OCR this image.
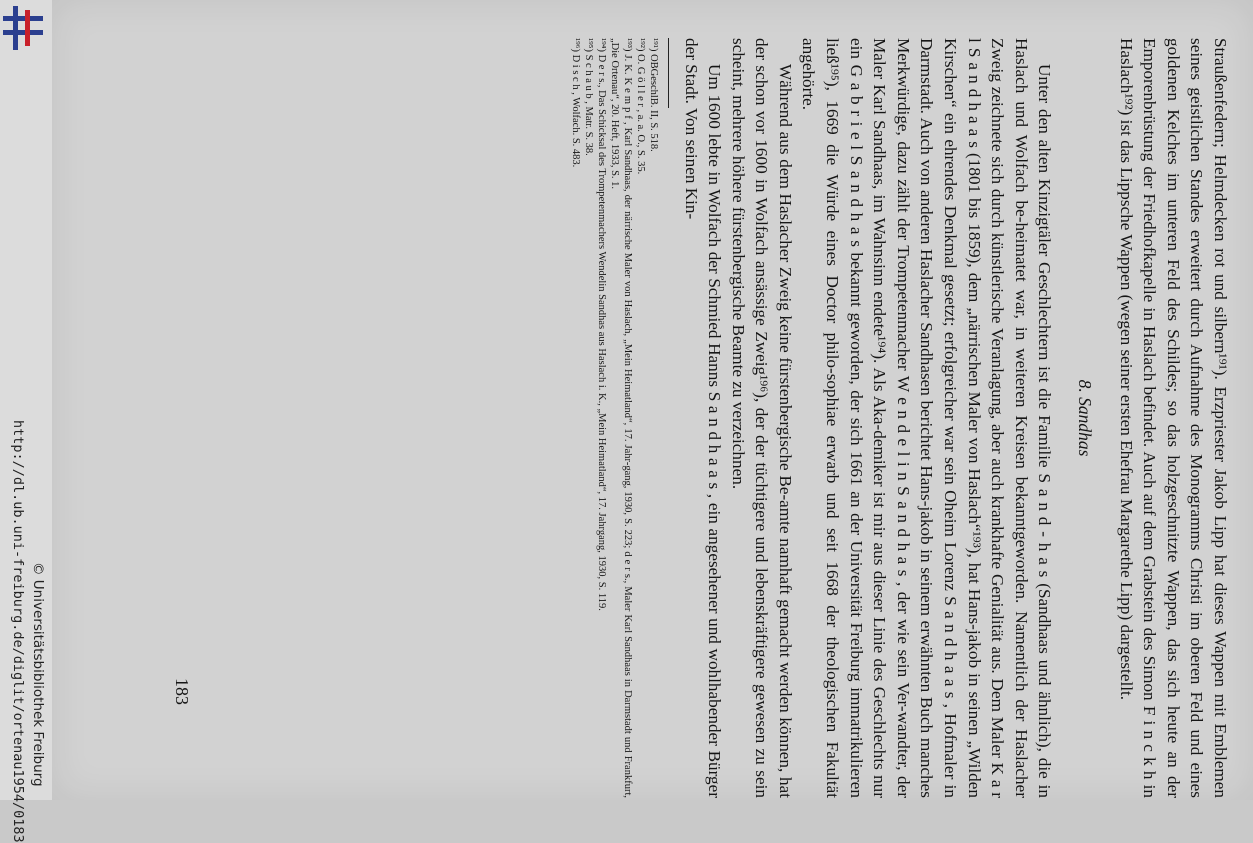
http://dl.ub.uni-freiburg.de/diglit/ortenau1954/0183 © Universitätsbibliothek Freiburg	Straußenfedern; Helmdecken rot und silbern¹⁹¹). Erzpriester Jakob Lipp hat dieses Wappen mit Emblemen seines geistlichen Standes erweitert durch Aufnahme des Monogramms Christi im oberen Feld und eines goldenen Kelches im unteren Feld des Schildes; so das holzgeschnitzte Wappen, das sich heute an der Emporenbrüstung der Friedhofkapelle in Haslach befindet. Auch auf dem Grabstein des Simon F i n c k h in Haslach¹⁹²) ist das Lippsche Wappen (wegen seiner ersten Ehefrau Margarethe Lipp) dargestellt.

8. Sandhas

Unter den alten Kinzigtäler Geschlechtern ist die Familie S a n d - h a s (Sandhaas und ähnlich), die in Haslach und Wolfach be-heimatet war, in weiteren Kreisen bekanntgeworden. Namentlich der Haslacher Zweig zeichnete sich durch künstlerische Veranlagung, aber auch krankhafte Genialität aus. Dem Maler K a r l S a n d h a a s (1801 bis 1859), dem „närrischen Maler von Haslach“¹⁹³), hat Hans-jakob in seinen „Wilden Kirschen“ ein ehrendes Denkmal gesetzt; erfolgreicher war sein Oheim Lorenz S a n d h a a s , Hofmaler in Darmstadt. Auch von anderen Haslacher Sandhasen berichtet Hans-jakob in seinem erwähnten Buch manches Merkwürdige, dazu zählt der Trompetenmacher W e n d e l i n S a n d h a s , der wie sein Ver-wandter, der Maler Karl Sandhaas, im Wahnsinn endete¹⁹⁴). Als Aka-demiker ist mir aus dieser Linie des Geschlechts nur ein G a b r i e l S a n d h a s bekannt geworden, der sich 1661 an der Universität Freiburg immatrikulieren ließ¹⁹⁵), 1669 die Würde eines Doctor philo-sophiae erwarb und seit 1668 der theologischen Fakultät angehörte.

Während aus dem Haslacher Zweig keine fürstenbergische Be-amte namhaft gemacht werden können, hat der schon vor 1600 in Wolfach ansässige Zweig¹⁹⁶), der der tüchtigere und lebenskräftigere gewesen zu sein scheint, mehrere höhere fürstenbergische Beamte zu verzeichnen.

Um 1600 lebte in Wolfach der Schmied Hanns S a n d h a a s , ein angesehener und wohlhabender Bürger der Stadt. Von seinen Kin-

¹⁹¹) OBGeschlB. II, S. 518.

¹⁹²) O. G ö l l e r , a. a. O., S. 35.

¹⁹³) J. K. K e m p f , Karl Sandhaas, der närrische Maler von Haslach, „Mein Heimatland“, 17. Jahr-gang, 1930, S. 223; d e r s., Maler Karl Sandhaas in Darmstadt und Frankfurt, „Die Ortenau“, 20. Heft, 1933, S. 1.

¹⁹⁴) D e r s., Das Schicksal des Trompetenmachers Wendelin Sandhas aus Haslach i. K., „Mein Heimatland“, 17. Jahrgang, 1930, S. 119.

¹⁹⁵) S c h a u b , Matr. S. 38.

¹⁹⁶) D i s c h , Wolfach. S. 483.

183
